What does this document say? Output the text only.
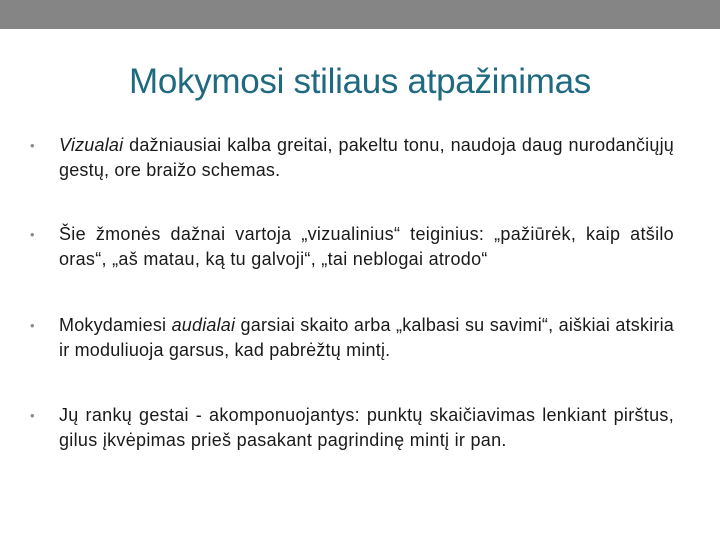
Mokymosi stiliaus atpažinimas
•	Vizualai dažniausiai kalba greitai, pakeltu tonu, naudoja daug nurodančiųjų gestų, ore braižo schemas.
•	Šie žmonės dažnai vartoja „vizualinius“ teiginius: „pažiūrėk, kaip atšilo oras“, „aš matau, ką tu galvoji“, „tai neblogai atrodo“
•	Mokydamiesi audialai garsiai skaito arba „kalbasi su savimi“, aiškiai atskiria ir moduliuoja garsus, kad pabrėžtų mintį.
•	Jų rankų gestai - akomponuojantys: punktų skaičiavimas lenkiant pirštus, gilus įkvėpimas prieš pasakant pagrindinę mintį ir pan.
